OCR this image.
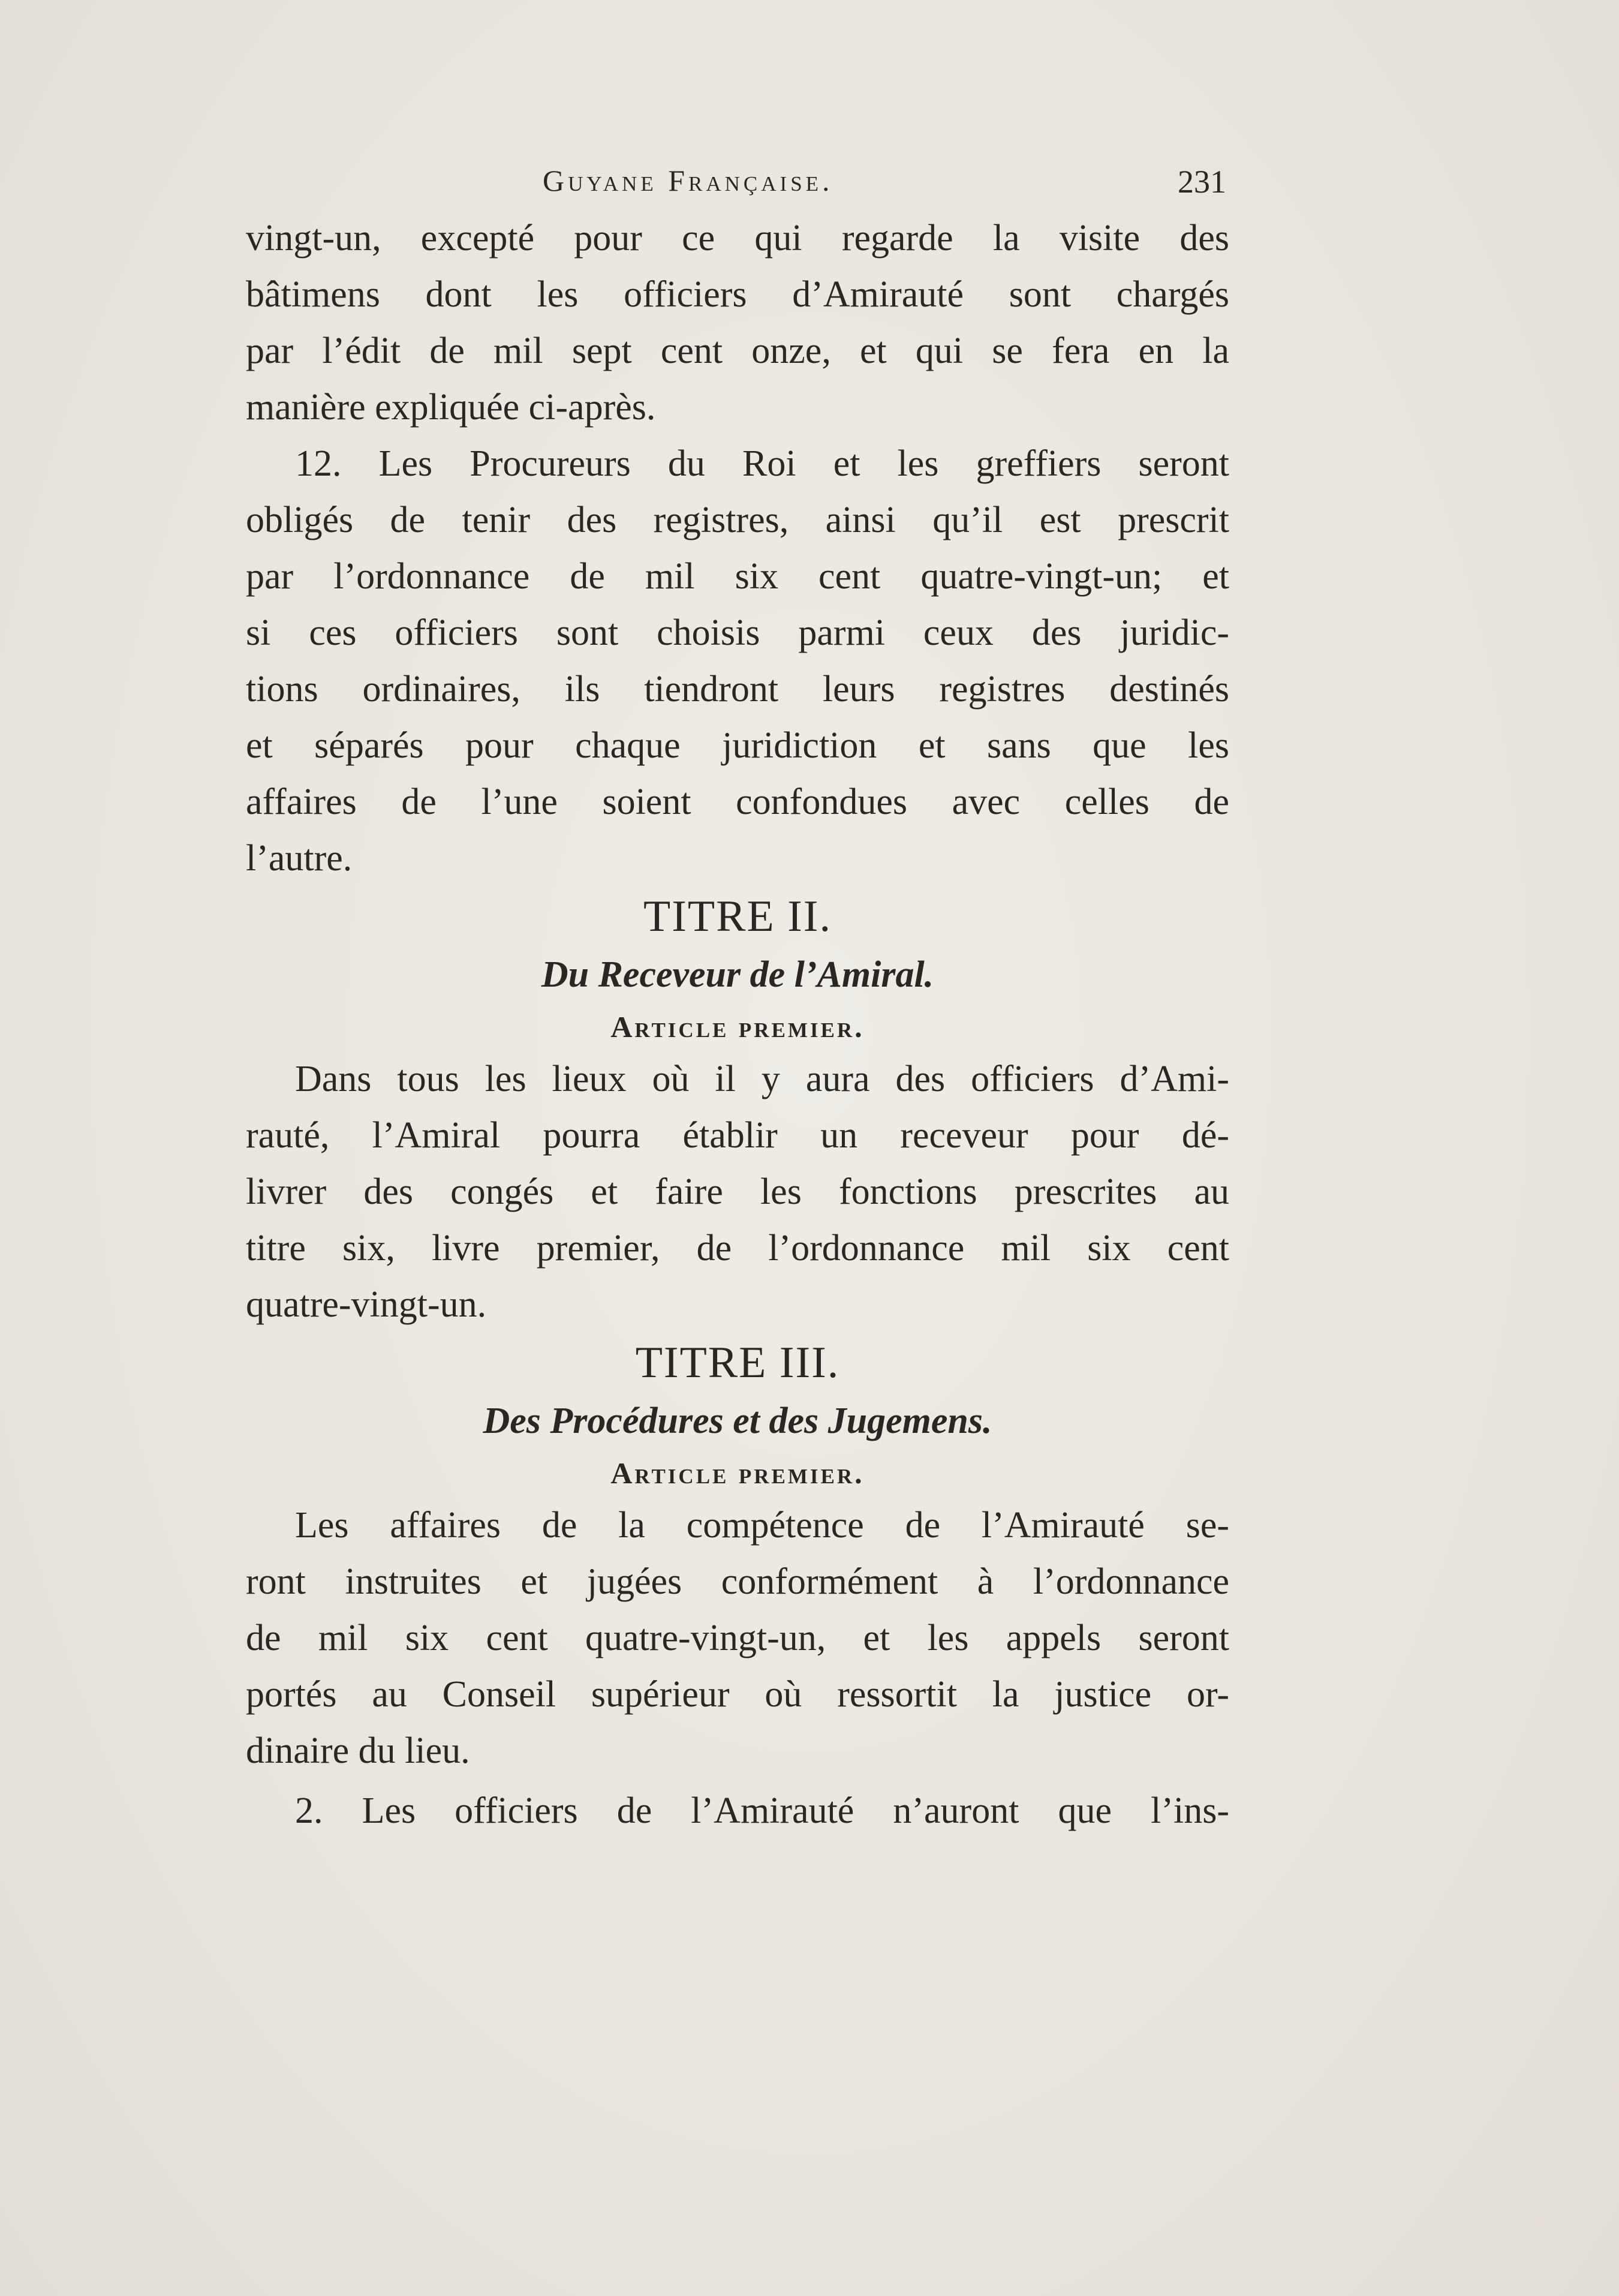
Guyane Française.	231
vingt-un, excepté pour ce qui regarde la visite des
bâtimens dont les officiers d’Amirauté sont chargés
par l’édit de mil sept cent onze, et qui se fera en la
manière expliquée ci-après.
12. Les Procureurs du Roi et les greffiers seront
obligés de tenir des registres, ainsi qu’il est prescrit
par l’ordonnance de mil six cent quatre-vingt-un; et
si ces officiers sont choisis parmi ceux des juridic-
tions ordinaires, ils tiendront leurs registres destinés
et séparés pour chaque juridiction et sans que les
affaires de l’une soient confondues avec celles de
l’autre.
TITRE II.
Du Receveur de l’Amiral.
Article premier.
Dans tous les lieux où il y aura des officiers d’Ami-
rauté, l’Amiral pourra établir un receveur pour dé-
livrer des congés et faire les fonctions prescrites au
titre six, livre premier, de l’ordonnance mil six cent
quatre-vingt-un.
TITRE III.
Des Procédures et des Jugemens.
Article premier.
Les affaires de la compétence de l’Amirauté se-
ront instruites et jugées conformément à l’ordonnance
de mil six cent quatre-vingt-un, et les appels seront
portés au Conseil supérieur où ressortit la justice or-
dinaire du lieu.
2. Les officiers de l’Amirauté n’auront que l’ins-
